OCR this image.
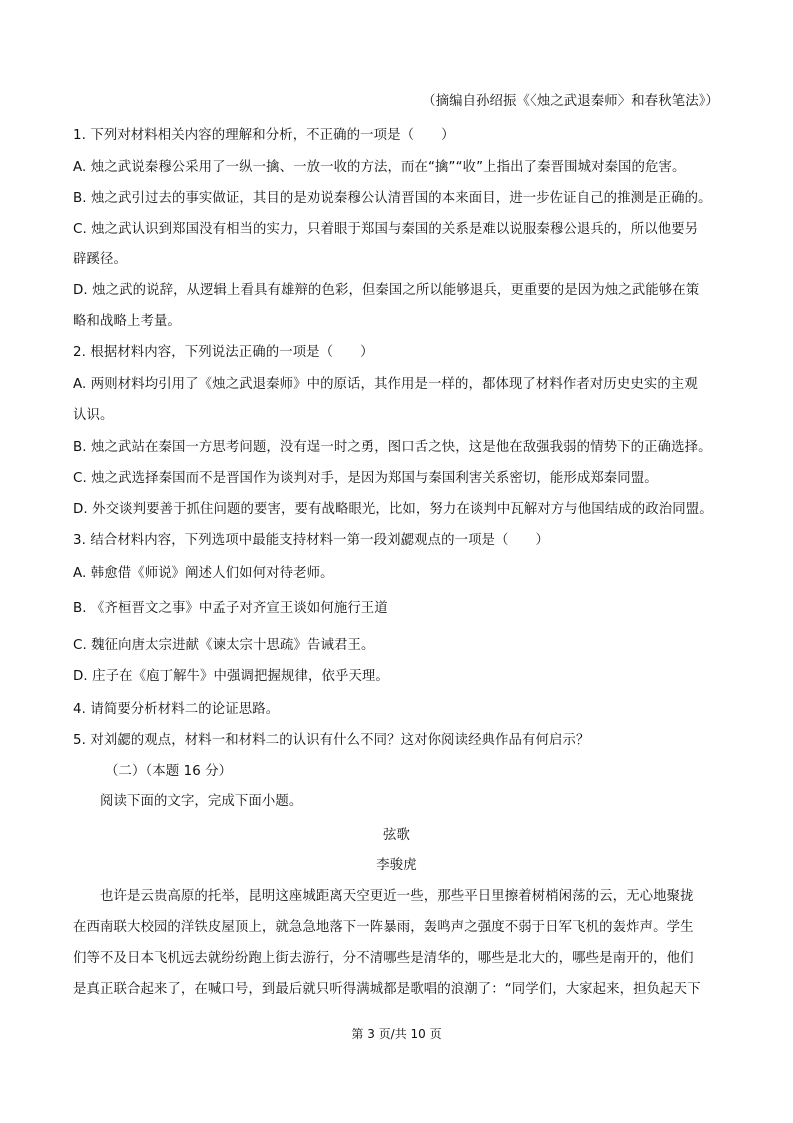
（摘编自孙绍振《〈烛之武退秦师〉和春秋笔法》）
1. 下列对材料相关内容的理解和分析，不正确的一项是（　　）
A. 烛之武说秦穆公采用了一纵一擒、一放一收的方法，而在“擒”“收”上指出了秦晋围城对秦国的危害。
B. 烛之武引过去的事实做证，其目的是劝说秦穆公认清晋国的本来面目，进一步佐证自己的推测是正确的。
C. 烛之武认识到郑国没有相当的实力，只着眼于郑国与秦国的关系是难以说服秦穆公退兵的，所以他要另
辟蹊径。
D. 烛之武的说辞，从逻辑上看具有雄辩的色彩，但秦国之所以能够退兵，更重要的是因为烛之武能够在策
略和战略上考量。
2. 根据材料内容，下列说法正确的一项是（　　）
A. 两则材料均引用了《烛之武退秦师》中的原话，其作用是一样的，都体现了材料作者对历史史实的主观
认识。
B. 烛之武站在秦国一方思考问题，没有逞一时之勇，图口舌之快，这是他在敌强我弱的情势下的正确选择。
C. 烛之武选择秦国而不是晋国作为谈判对手，是因为郑国与秦国利害关系密切，能形成郑秦同盟。
D. 外交谈判要善于抓住问题的要害，要有战略眼光，比如，努力在谈判中瓦解对方与他国结成的政治同盟。
3. 结合材料内容，下列选项中最能支持材料一第一段刘勰观点的一项是（　　）
A. 韩愈借《师说》阐述人们如何对待老师。
B. 《齐桓晋文之事》中孟子对齐宣王谈如何施行王道
C. 魏征向唐太宗进献《谏太宗十思疏》告诫君王。
D. 庄子在《庖丁解牛》中强调把握规律，依乎天理。
4. 请简要分析材料二的论证思路。
5. 对刘勰的观点，材料一和材料二的认识有什么不同？这对你阅读经典作品有何启示？
（二）（本题 16 分）
阅读下面的文字，完成下面小题。
弦歌
李骏虎
也许是云贵高原的托举，昆明这座城距离天空更近一些，那些平日里擦着树梢闲荡的云，无心地聚拢
在西南联大校园的洋铁皮屋顶上，就急急地落下一阵暴雨，轰鸣声之强度不弱于日军飞机的轰炸声。学生
们等不及日本飞机远去就纷纷跑上街去游行，分不清哪些是清华的，哪些是北大的，哪些是南开的，他们
是真正联合起来了，在喊口号，到最后就只听得满城都是歌唱的浪潮了：“同学们，大家起来，担负起天下
第 3 页/共 10 页
